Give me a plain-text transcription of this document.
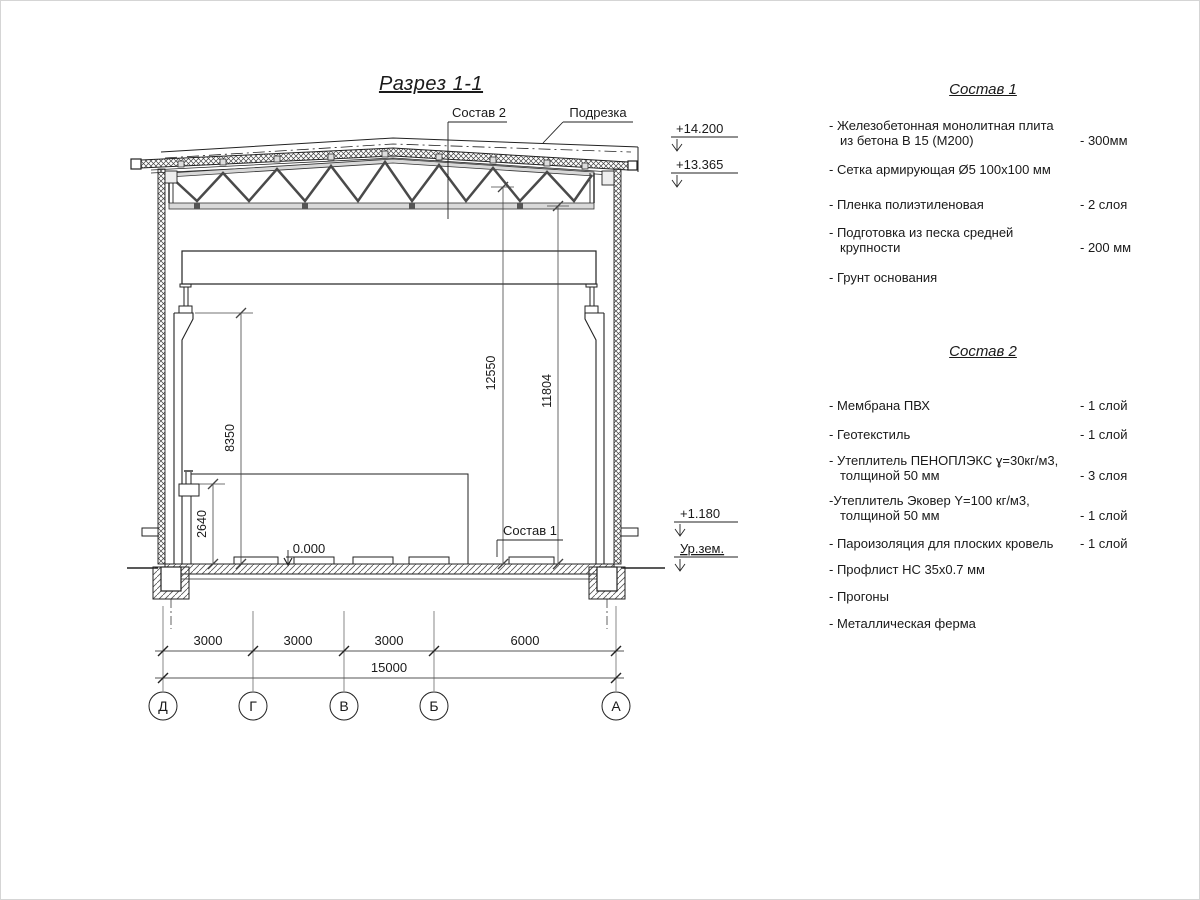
Разрез 1-1
12550
11804
8350
2640
0.000
Состав 2	Подрезка
Состав 1
+14.200
+13.365
+1.180
Ур.зем.
3000	3000	3000	6000
15000
Д	Г	В	Б	А
Состав 1
- Железобетонная монолитная плита из бетона В 15 (М200)	- 300мм
- Сетка армирующая Ø5 100x100 мм
- Пленка полиэтиленовая	- 2 слоя
- Подготовка из песка средней крупности	- 200 мм
- Грунт основания
Состав 2
- Мембрана ПВХ	- 1 слой
- Геотекстиль	- 1 слой
- Утеплитель ПЕНОПЛЭКС ɣ=30кг/м3, толщиной 50 мм	- 3 слоя
-Утеплитель Эковер Y=100 кг/м3, толщиной 50 мм	- 1 слой
- Пароизоляция для плоских кровель	- 1 слой
- Профлист НС 35х0.7 мм
- Прогоны
- Металлическая ферма
